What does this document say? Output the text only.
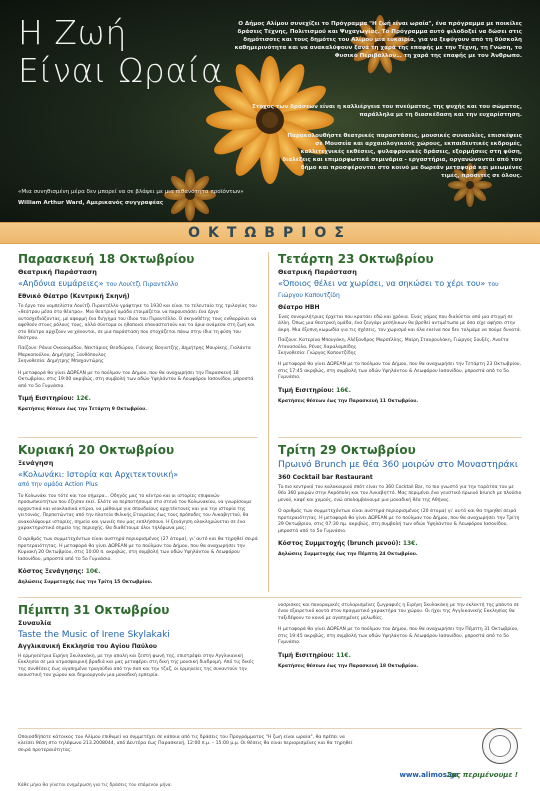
Η Ζωή
Είναι Ωραία
Ο Δήμος Αλίμου συνεχίζει το Πρόγραμμα "Η ζωή είναι ωραία", ένα πρόγραμμα με ποικίλες δράσεις Τέχνης, Πολιτισμού και Ψυχαγωγίας. Το Πρόγραμμα αυτό φιλοδοξεί να δώσει στις δημότισσες και τους δημότες του Αλίμου μια ευκαιρία, για να ξεφύγουν από τη δύσκολη καθημερινότητα και να ανακαλύψουν ξανά τη χαρά της επαφής με την Τέχνη, τη Γνώση, το Φυσικό Περιβάλλον… τη χαρά της επαφής με τον Άνθρωπο.
Στόχος των δράσεων είναι η καλλιέργεια του πνεύματος, της ψυχής και του σώματος, παράλληλα με τη διασκέδαση και την ευχαρίστηση.
Παρακολουθήστε θεατρικές παραστάσεις, μουσικές συναυλίες, επισκέψεις σε Μουσεία και αρχαιολογικούς χώρους, εκπαιδευτικές εκδρομές, καλλιτεχνικές εκθέσεις, φυλαφρονικές δράσεις, εξορμήσεις στη φύση, διαλέξεις και επιμορφωτικά σεμινάρια - εργαστήρια, οργανώνονται από τον δήμο και προσφέρονται στο κοινό με δωρεάν μεταφορά και μειωμένες τιμές, προσιτές σε όλους.
«Μια συνηθισμένη μέρα δεν μπορεί να σε βλάψει με μια πιθανότητα προϊόντων»
William Arthur Ward, Αμερικανός συγγραφέας
ΟΚΤΩΒΡΙΟΣ
Παρασκευή 18 Οκτωβρίου
Θεατρική Παράσταση
«Αηδόνια ευμάρειες» του Λουίτζι Πιραντέλλο
Εθνικό Θέατρο (Κεντρική Σκηνή)
Το έργο του νομπελίστα Λουίτζι Πιραντέλλο γράφτηκε το 1930 και είναι το τελευταίο της τριλογίας του «θεάτρου μέσα στο θέατρο». Μια θεατρική ομάδα ετοιμάζεται να παρουσιάσει ένα έργο αυτοσχεδιάζοντας, με αφορμή ένα διήγημα του ίδιου του Πιραντέλλο. Ο σκηνοθέτης τους ενθαρρύνει να αφεθούν στους ρόλους τους, αλλά σύντομα οι ηθοποιοί επαναστατούν και τα όρια ανάμεσα στη ζωή και στο θέατρο αρχίζουν να χάνονται, σε μια παράσταση που στοχάζεται πάνω στην ίδια τη φύση του θεάτρου.
Παίζουν: Ράνια Οικονομίδου, Νεκτάριος Θεοδώρου, Γιάννης Βογιατζής, Δημήτρης Μουρίκης, Γιολάντα Μαρκοπούλου, Δημήτρης Ξανθόπουλος
Σκηνοθεσία: Δημήτρης Μπαχαντώρης
Η μεταφορά θα γίνει ΔΩΡΕΑΝ με το πούλμαν του Δήμου, που θα αναχωρήσει την Παρασκευή 18 Οκτωβρίου, στις 19:00 ακριβώς, στη συμβολή των οδών Υψηλάντου & Λεωφόρου Ιασονίδου, μπροστά από το 5ο Γυμνάσιο.
Τιμή Εισιτηρίου: 12€.
Κρατήσεις θέσεων έως την Τετάρτη 9 Οκτωβρίου.
Τετάρτη 23 Οκτωβρίου
Θεατρική Παράσταση
«Όποιος θέλει να χωρίσει, να σηκώσει το χέρι του» του Γιώργου Καπουτζίδη
Θέατρο ΗΒΗ
Ένας συνομιλήτριας έρχεται που κρατάει εδώ και χρόνια. Ένας γάμος που διαλύεται από μια στιγμή σε άλλη. Όπως μια θεατρική ομάδα, ένα ζευγάρι μεσήλικων θα βρεθεί αντιμέτωπο με όσα είχε αφήσει στην άκρη. Μια έξυπνη κωμωδία για τις σχέσεις, τον χωρισμό και όλα εκείνα που δεν τολμάμε να πούμε δυνατά.
Παίζουν: Κατερίνα Μπουγάκη, Αλέξανδρος Μαρσέλλης, Μαίρη Σταυρουλάκη, Γιώργος Σουξές, Αννέτα Ατανασούλα, Ρένος Χαραλαμπίδης
Σκηνοθεσία: Γιώργος Καπουτζίδης
Η μεταφορά θα γίνει ΔΩΡΕΑΝ με το πούλμαν του Δήμου, που θα αναχωρήσει την Τετάρτη 23 Οκτωβρίου, στις 17:45 ακριβώς, στη συμβολή των οδών Υψηλάντου & Λεωφόρου Ιασονίδου, μπροστά από το 5ο Γυμνάσιο.
Τιμή Εισιτηρίου: 16€.
Κρατήσεις θέσεων έως την Παρασκευή 11 Οκτωβρίου.
Κυριακή 20 Οκτωβρίου
Ξενάγηση
«Κολωνάκι: Ιστορία και Αρχιτεκτονική»
από την ομάδα Action Plus
Το Κολωνάκι του τότε και του σήμερα... Οδηγός μας το κέντρο και οι ιστορίες επιφανών προσωπικοτήτων που έζησαν εκεί. Ελάτε να περπατήσουμε στα στενά του Κολωνακίου, να γνωρίσουμε αρχοντικά και νεοκλασικά κτίρια, να μάθουμε για σπουδαίους αρχιτέκτονες και για την ιστορία της γειτονιάς. Περπατώντας από την πλατεία Φιλικής Εταιρείας έως τους πρόποδες του Λυκαβηττού, θα ανακαλύψουμε ιστορίες, σημεία και γωνιές που μας εκπλήσσουν. Η ξενάγηση ολοκληρώνεται σε ένα χαρακτηριστικό σημείο της περιοχής. Θα διαθέτουμε όλοι τηλέφωνα μας;
Ο αριθμός των συμμετεχόντων είναι αυστηρά περιορισμένος (27 άτομα), γι' αυτό και θα τηρηθεί σειρά προτεραιότητας. Η μεταφορά θα γίνει ΔΩΡΕΑΝ με το πούλμαν του Δήμου, που θα αναχωρήσει την Κυριακή 20 Οκτωβρίου, στις 10:00 π. ακριβώς, στη συμβολή των οδών Υψηλάντου & Λεωφόρου Ιασονίδου, μπροστά από το 5ο Γυμνάσιο.
Κόστος Ξενάγησης: 10€.
Δηλώσεις Συμμετοχής έως την Τρίτη 15 Οκτωβρίου.
Τρίτη 29 Οκτωβρίου
Πρωινό Brunch με θέα 360 μοιρών στο Μοναστηράκι
360 Cocktail bar Restaurant
Το πιο κεντρικό του καλοκαιριού σπότ είναι το 360 Cocktail Bar, το πιο γνωστό για την ταράτσα του με θέα 360 μοιρών στην Ακρόπολη και τον Λυκαβηττό. Μας περιμένει ένα γευστικό πρωινό brunch με πλούσιο μενού, καφέ και χυμούς, ενώ απολαμβάνουμε μια μοναδική θέα της Αθήνας.
Ο αριθμός των συμμετεχόντων είναι αυστηρά περιορισμένος (20 άτομα) γι' αυτό και θα τηρηθεί σειρά προτεραιότητας. Η μεταφορά θα γίνει ΔΩΡΕΑΝ με το πούλμαν του Δήμου, που θα αναχωρήσει την Τρίτη 29 Οκτωβρίου, στις 07:30 πμ. ακριβώς, στη συμβολή των οδών Υψηλάντου & Λεωφόρου Ιασονίδου, μπροστά από το 5ο Γυμνάσιο.
Κόστος Συμμετοχής (brunch μενού): 13€.
Δηλώσεις Συμμετοχής έως την Πέμπτη 24 Οκτωβρίου.
Πέμπτη 31 Οκτωβρίου
Συναυλία
Taste the Music of Irene Skylakaki
Αγγλικανική Εκκλησία του Αγίου Παύλου
Η ερμηνεύτρια Ειρήνη Σκυλακάκη, με την απαλή και ζεστή φωνή της, επιστρέφει στην Αγγλικανική Εκκλησία σε μια ατμοσφαιρική βραδιά και μας μεταφέρει στη δική της μουσική διαδρομή. Από τις δικές της συνθέσεις έως αγαπημένα τραγούδια από την ποπ και την τζαζ, οι ερμηνείες της συναντούν την ακουστική του χώρου και δημιουργούν μια μοναδική εμπειρία.
νοσρισκες και πανοραμικές στυλαρισμένες ζωγραφιές η Ειρήνη Σκυλακάκη με την εκλεκτή της μπάντα σε έναν εξαιρετικό κοντά στον πραγματικό χαρακτήρα του χώρου. Οι ήχοι της Αγγλικανικής Εκκλησίας θα ταξιδέψουν το κοινό με αγαπημένες μελωδίες.
Η μεταφορά θα γίνει ΔΩΡΕΑΝ με το πούλμαν του Δήμου, που θα αναχωρήσει την Πέμπτη 31 Οκτωβρίου, στις 19:45 ακριβώς, στη συμβολή των οδών Υψηλάντου & Λεωφόρου Ιασονίδου, μπροστά από το 5ο Γυμνάσιο.
Τιμή Εισιτηρίου: 11€.
Κρατήσεις θέσεων έως την Παρασκευή 18 Οκτωβρίου.
Οποιοσδήποτε κάτοικος του Αλίμου επιθυμεί να συμμετέχει σε κάποια από τις δράσεις του Προγράμματος "Η ζωή είναι ωραία", θα πρέπει να κλείσει θέση στο τηλέφωνο 213.2008044, από Δευτέρα έως Παρασκευή, 12:00 π.μ. – 15:00 μ.μ. Οι θέσεις θα είναι περιορισμένες και θα τηρηθεί σειρά προτεραιότητας.
Κάθε μήνα θα γίνεται ενημέρωση για τις δράσεις του επόμενου μήνα.
www.alimos.gr
Σας περιμένουμε !
